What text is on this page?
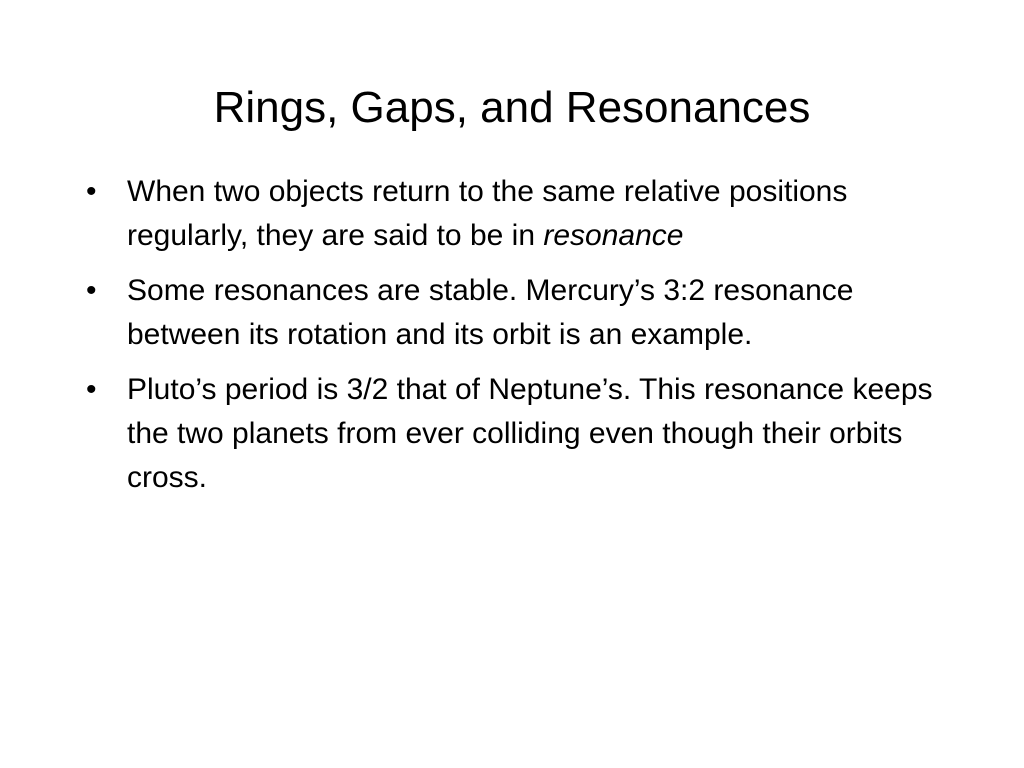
Rings, Gaps, and Resonances
•	When two objects return to the same relative positions regularly, they are said to be in resonance
•	Some resonances are stable. Mercury’s 3:2 resonance between its rotation and its orbit is an example.
•	Pluto’s period is 3/2 that of Neptune’s. This resonance keeps the two planets from ever colliding even though their orbits cross.
